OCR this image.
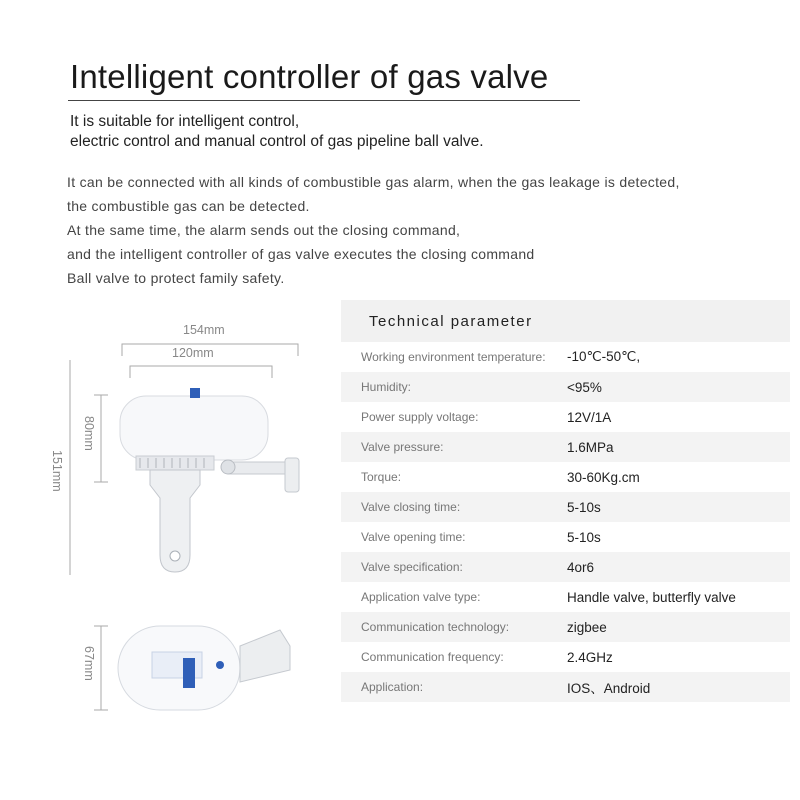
Intelligent controller of gas valve
It is suitable for intelligent control,
electric control and manual control of gas pipeline ball valve.
It can be connected with all kinds of combustible gas alarm, when the gas leakage is detected,
the combustible gas can be detected.
At the same time, the alarm sends out the closing command,
and the intelligent controller of gas valve executes the closing command
Ball valve to protect family safety.
154mm
120mm
80mm
151mm
67mm
Technical parameter
Working environment temperature:	-10℃-50℃,
Humidity:	<95%
Power supply voltage:	12V/1A
Valve pressure:	1.6MPa
Torque:	30-60Kg.cm
Valve closing time:	5-10s
Valve opening time:	5-10s
Valve specification:	4or6
Application valve type:	Handle valve, butterfly valve
Communication technology:	zigbee
Communication frequency:	2.4GHz
Application:	IOS、Android
